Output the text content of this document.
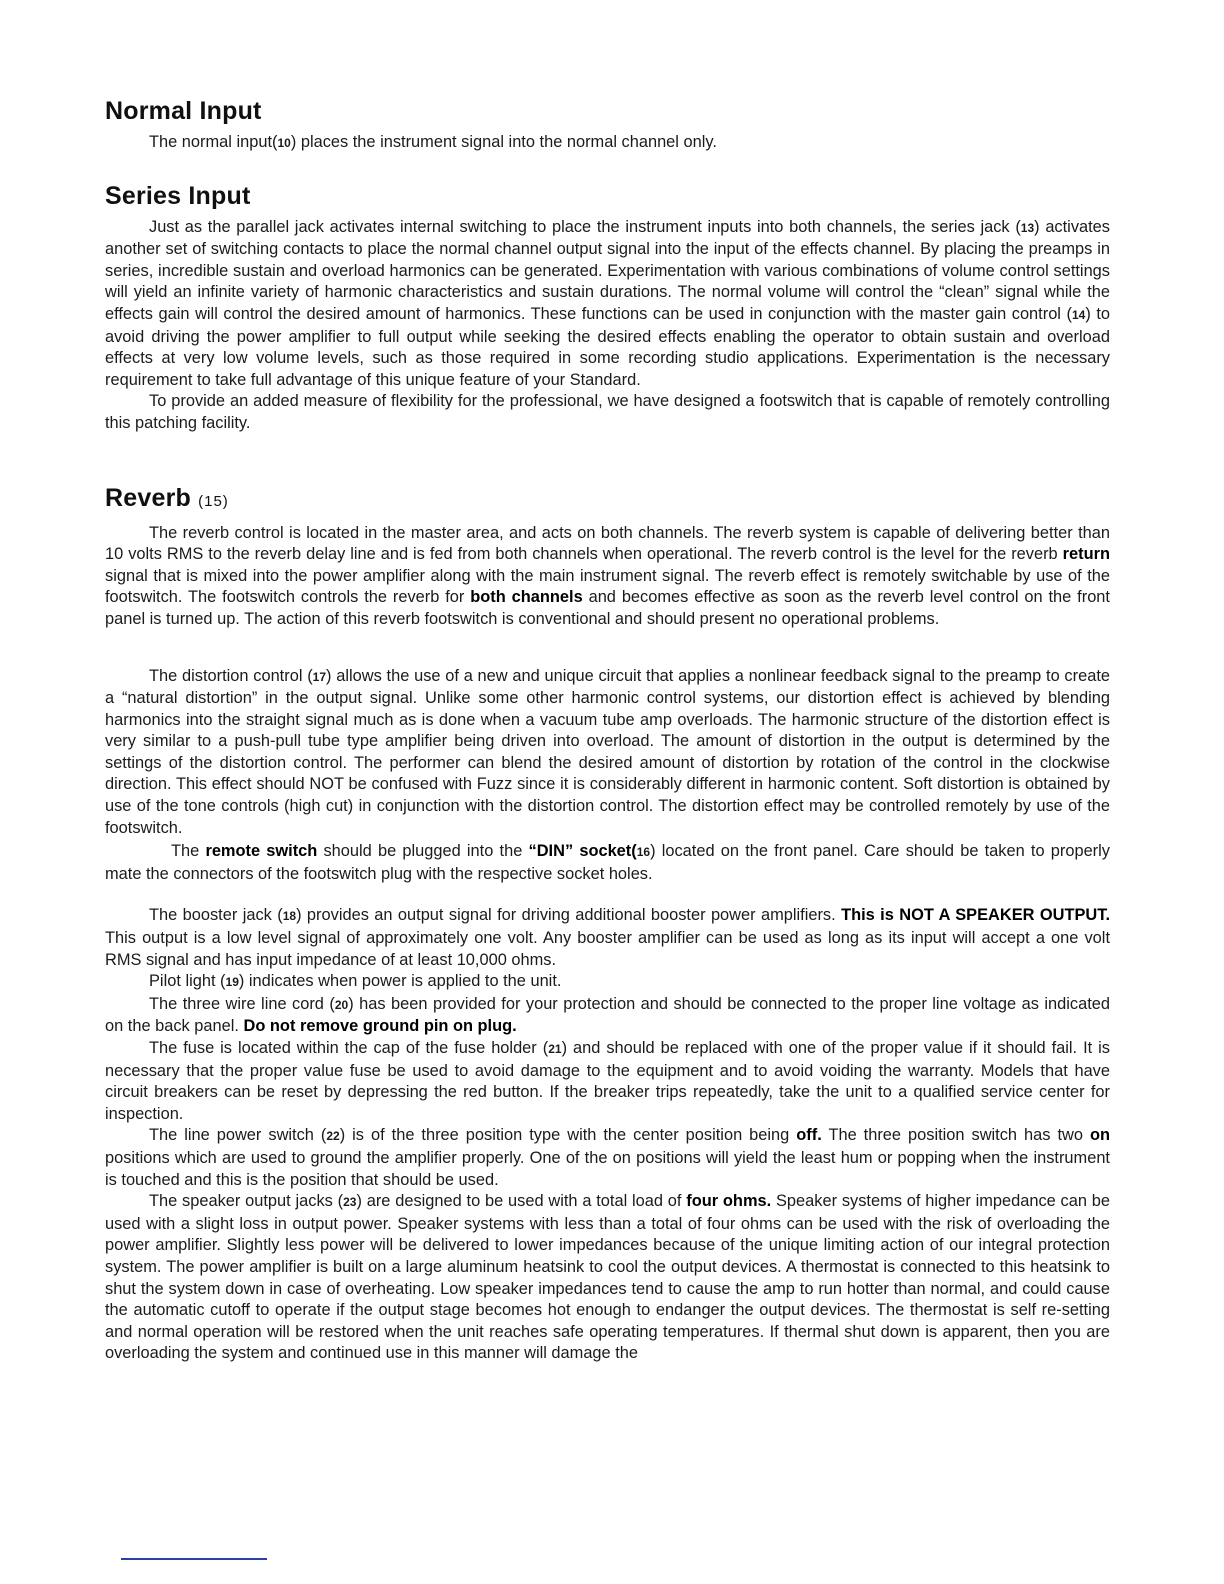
Normal Input

The normal input(10) places the instrument signal into the normal channel only.

Series Input

Just as the parallel jack activates internal switching to place the instrument inputs into both channels, the series jack (13) activates another set of switching contacts to place the normal channel output signal into the input of the effects channel. By placing the preamps in series, incredible sustain and overload harmonics can be generated. Experimentation with various combinations of volume control settings will yield an infinite variety of harmonic characteristics and sustain durations. The normal volume will control the “clean” signal while the effects gain will control the desired amount of harmonics. These functions can be used in conjunction with the master gain control (14) to avoid driving the power amplifier to full output while seeking the desired effects enabling the operator to obtain sustain and overload effects at very low volume levels, such as those required in some recording studio applications. Experimentation is the necessary requirement to take full advantage of this unique feature of your Standard.

To provide an added measure of flexibility for the professional, we have designed a footswitch that is capable of remotely controlling this patching facility.

Reverb (15)

The reverb control is located in the master area, and acts on both channels. The reverb system is capable of delivering better than 10 volts RMS to the reverb delay line and is fed from both channels when operational. The reverb control is the level for the reverb return signal that is mixed into the power amplifier along with the main instrument signal. The reverb effect is remotely switchable by use of the footswitch. The footswitch controls the reverb for both channels and becomes effective as soon as the reverb level control on the front panel is turned up. The action of this reverb footswitch is conventional and should present no operational problems.

The distortion control (17) allows the use of a new and unique circuit that applies a nonlinear feedback signal to the preamp to create a “natural distortion” in the output signal. Unlike some other harmonic control systems, our distortion effect is achieved by blending harmonics into the straight signal much as is done when a vacuum tube amp overloads. The harmonic structure of the distortion effect is very similar to a push-pull tube type amplifier being driven into overload. The amount of distortion in the output is determined by the settings of the distortion control. The performer can blend the desired amount of distortion by rotation of the control in the clockwise direction. This effect should NOT be confused with Fuzz since it is considerably different in harmonic content. Soft distortion is obtained by use of the tone controls (high cut) in conjunction with the distortion control. The distortion effect may be controlled remotely by use of the footswitch.

The remote switch should be plugged into the “DIN” socket(16) located on the front panel. Care should be taken to properly mate the connectors of the footswitch plug with the respective socket holes.

The booster jack (18) provides an output signal for driving additional booster power amplifiers. This is NOT A SPEAKER OUTPUT. This output is a low level signal of approximately one volt. Any booster amplifier can be used as long as its input will accept a one volt RMS signal and has input impedance of at least 10,000 ohms.

Pilot light (19) indicates when power is applied to the unit.

The three wire line cord (20) has been provided for your protection and should be connected to the proper line voltage as indicated on the back panel. Do not remove ground pin on plug.

The fuse is located within the cap of the fuse holder (21) and should be replaced with one of the proper value if it should fail. It is necessary that the proper value fuse be used to avoid damage to the equipment and to avoid voiding the warranty. Models that have circuit breakers can be reset by depressing the red button. If the breaker trips repeatedly, take the unit to a qualified service center for inspection.

The line power switch (22) is of the three position type with the center position being off. The three position switch has two on positions which are used to ground the amplifier properly. One of the on positions will yield the least hum or popping when the instrument is touched and this is the position that should be used.

The speaker output jacks (23) are designed to be used with a total load of four ohms. Speaker systems of higher impedance can be used with a slight loss in output power. Speaker systems with less than a total of four ohms can be used with the risk of overloading the power amplifier. Slightly less power will be delivered to lower impedances because of the unique limiting action of our integral protection system. The power amplifier is built on a large aluminum heatsink to cool the output devices. A thermostat is connected to this heatsink to shut the system down in case of overheating. Low speaker impedances tend to cause the amp to run hotter than normal, and could cause the automatic cutoff to operate if the output stage becomes hot enough to endanger the output devices. The thermostat is self re-setting and normal operation will be restored when the unit reaches safe operating temperatures. If thermal shut down is apparent, then you are overloading the system and continued use in this manner will damage the
